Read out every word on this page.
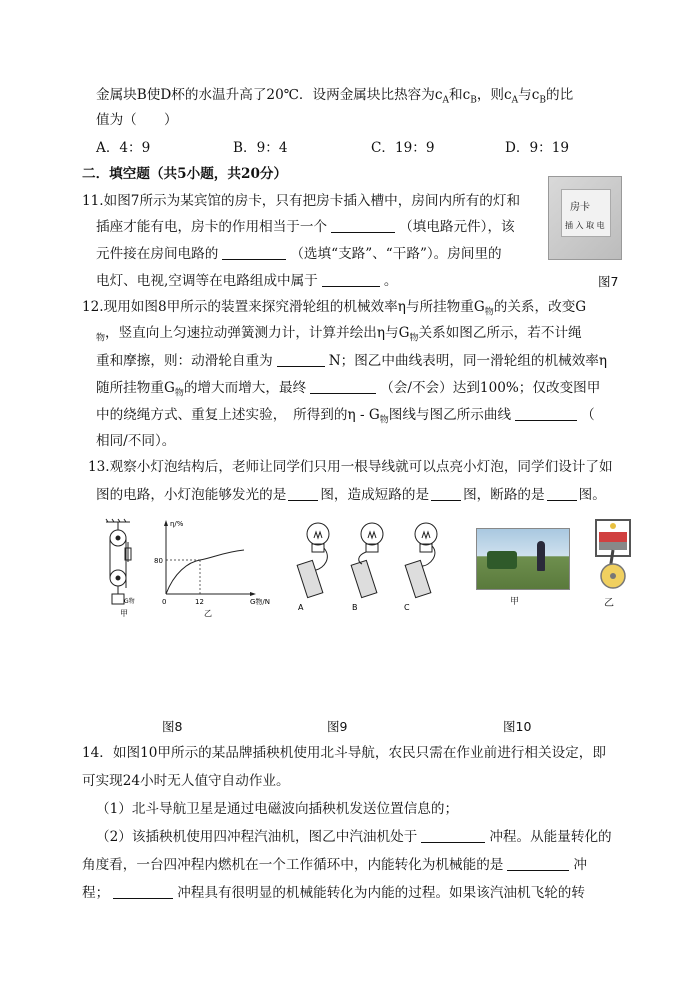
金属块B使D杯的水温升高了20℃．设两金属块比热容为$c_A$和$c_B$，则$c_A$与$c_B$的比
值为（　　）
A．4：9	B．9：4	C．19：9	D．9：19
二．填空题（共5小题，共20分）
11.如图7所示为某宾馆的房卡，只有把房卡插入槽中，房间内所有的灯和
插座才能有电，房卡的作用相当于一个	（填电路元件），该
元件接在房间电路的	（选填“支路”、“干路”）。房间里的
电灯、电视,空调等在电路组成中属于	。
房卡
插 入 取 电
图7
12.现用如图8甲所示的装置来探究滑轮组的机械效率η与所挂物重$G_物$的关系，改变G
$_物$，竖直向上匀速拉动弹簧测力计，计算并绘出η与$G_物$关系如图乙所示，若不计绳
重和摩擦，则：动滑轮自重为	N；图乙中曲线表明，同一滑轮组的机械效率η
随所挂物重$G_物$的增大而增大，最终	（会/不会）达到100%；仅改变图甲
中的绕绳方式、重复上述实验，　所得到的η - $G_物$图线与图乙所示曲线	（
相同/不同）。
13.观察小灯泡结构后，老师让同学们只用一根导线就可以点亮小灯泡，同学们设计了如
图的电路，小灯泡能够发光的是	图，造成短路的是	图，断路的是	图。
G物
甲
η/%
80
0	12	G物/N
乙
A	B	C
甲	乙
图8	图9	图10
14．如图10甲所示的某品牌插秧机使用北斗导航，农民只需在作业前进行相关设定，即
可实现24小时无人值守自动作业。
（1）北斗导航卫星是通过电磁波向插秧机发送位置信息的；
（2）该插秧机使用四冲程汽油机，图乙中汽油机处于	冲程。从能量转化的
角度看，一台四冲程内燃机在一个工作循环中，内能转化为机械能的是	冲
程；	冲程具有很明显的机械能转化为内能的过程。如果该汽油机飞轮的转
